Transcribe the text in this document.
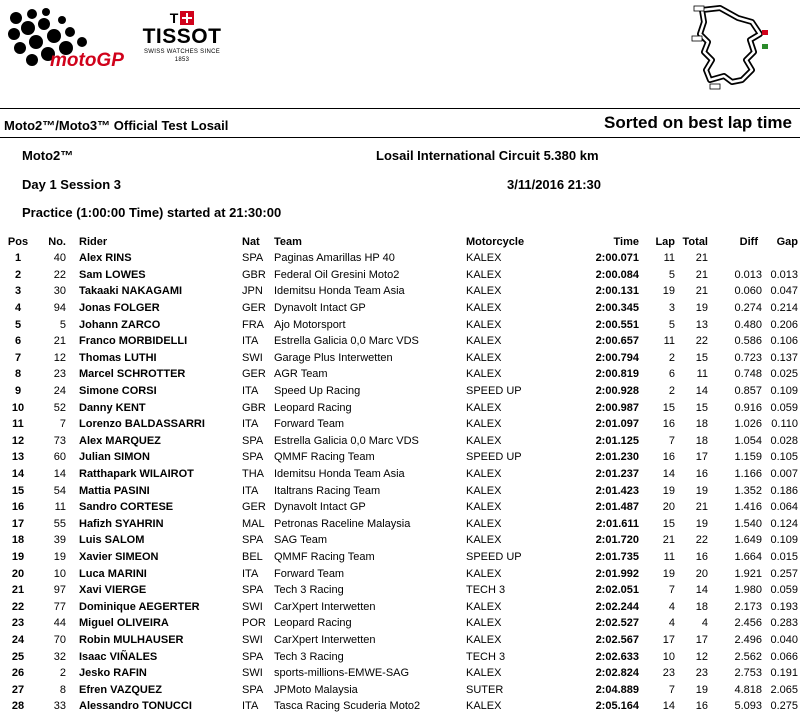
motoGP
T
TISSOT
SWISS WATCHES SINCE 1853
Moto2™/Moto3™ Official Test Losail	Sorted on best lap time
Moto2™	Losail International Circuit 5.380 km
Day 1 Session 3	3/11/2016 21:30
Practice (1:00:00 Time) started at 21:30:00
Pos	No.	Rider	Nat	Team	Motorcycle	Time	Lap	Total	Diff	Gap
1	40	Alex RINS	SPA	Paginas Amarillas HP 40	KALEX	2:00.071	11	21		
2	22	Sam LOWES	GBR	Federal Oil Gresini Moto2	KALEX	2:00.084	5	21	0.013	0.013
3	30	Takaaki NAKAGAMI	JPN	Idemitsu Honda Team Asia	KALEX	2:00.131	19	21	0.060	0.047
4	94	Jonas FOLGER	GER	Dynavolt Intact GP	KALEX	2:00.345	3	19	0.274	0.214
5	5	Johann ZARCO	FRA	Ajo Motorsport	KALEX	2:00.551	5	13	0.480	0.206
6	21	Franco MORBIDELLI	ITA	Estrella Galicia 0,0 Marc VDS	KALEX	2:00.657	11	22	0.586	0.106
7	12	Thomas LUTHI	SWI	Garage Plus Interwetten	KALEX	2:00.794	2	15	0.723	0.137
8	23	Marcel SCHROTTER	GER	AGR Team	KALEX	2:00.819	6	11	0.748	0.025
9	24	Simone CORSI	ITA	Speed Up Racing	SPEED UP	2:00.928	2	14	0.857	0.109
10	52	Danny KENT	GBR	Leopard Racing	KALEX	2:00.987	15	15	0.916	0.059
11	7	Lorenzo BALDASSARRI	ITA	Forward Team	KALEX	2:01.097	16	18	1.026	0.110
12	73	Alex MARQUEZ	SPA	Estrella Galicia 0,0 Marc VDS	KALEX	2:01.125	7	18	1.054	0.028
13	60	Julian SIMON	SPA	QMMF Racing Team	SPEED UP	2:01.230	16	17	1.159	0.105
14	14	Ratthapark WILAIROT	THA	Idemitsu Honda Team Asia	KALEX	2:01.237	14	16	1.166	0.007
15	54	Mattia PASINI	ITA	Italtrans Racing Team	KALEX	2:01.423	19	19	1.352	0.186
16	11	Sandro CORTESE	GER	Dynavolt Intact GP	KALEX	2:01.487	20	21	1.416	0.064
17	55	Hafizh SYAHRIN	MAL	Petronas Raceline Malaysia	KALEX	2:01.611	15	19	1.540	0.124
18	39	Luis SALOM	SPA	SAG Team	KALEX	2:01.720	21	22	1.649	0.109
19	19	Xavier SIMEON	BEL	QMMF Racing Team	SPEED UP	2:01.735	11	16	1.664	0.015
20	10	Luca MARINI	ITA	Forward Team	KALEX	2:01.992	19	20	1.921	0.257
21	97	Xavi VIERGE	SPA	Tech 3 Racing	TECH 3	2:02.051	7	14	1.980	0.059
22	77	Dominique AEGERTER	SWI	CarXpert Interwetten	KALEX	2:02.244	4	18	2.173	0.193
23	44	Miguel OLIVEIRA	POR	Leopard Racing	KALEX	2:02.527	4	4	2.456	0.283
24	70	Robin MULHAUSER	SWI	CarXpert Interwetten	KALEX	2:02.567	17	17	2.496	0.040
25	32	Isaac VIÑALES	SPA	Tech 3 Racing	TECH 3	2:02.633	10	12	2.562	0.066
26	2	Jesko RAFIN	SWI	sports-millions-EMWE-SAG	KALEX	2:02.824	23	23	2.753	0.191
27	8	Efren VAZQUEZ	SPA	JPMoto Malaysia	SUTER	2:04.889	7	19	4.818	2.065
28	33	Alessandro TONUCCI	ITA	Tasca Racing Scuderia Moto2	KALEX	2:05.164	14	16	5.093	0.275
